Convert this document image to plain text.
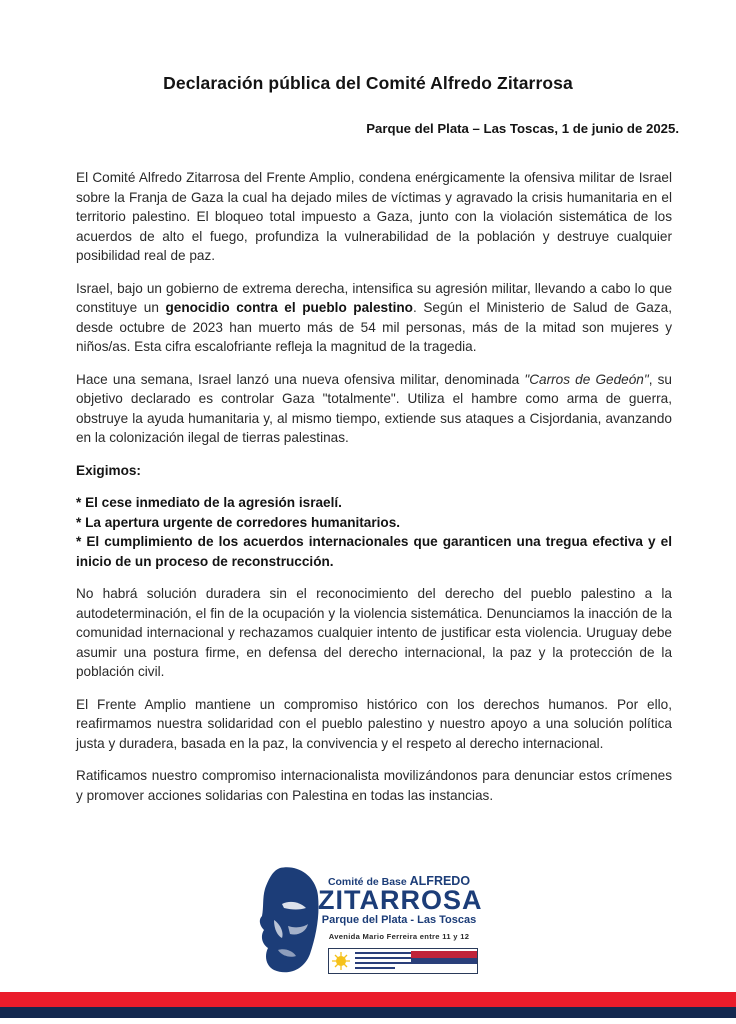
Declaración pública del Comité Alfredo Zitarrosa
Parque del Plata – Las Toscas, 1 de junio de 2025.

El Comité Alfredo Zitarrosa del Frente Amplio, condena enérgicamente la ofensiva militar de Israel sobre la Franja de Gaza la cual ha dejado miles de víctimas y agravado la crisis humanitaria en el territorio palestino. El bloqueo total impuesto a Gaza, junto con la violación sistemática de los acuerdos de alto el fuego, profundiza la vulnerabilidad de la población y destruye cualquier posibilidad real de paz.

Israel, bajo un gobierno de extrema derecha, intensifica su agresión militar, llevando a cabo lo que constituye un genocidio contra el pueblo palestino. Según el Ministerio de Salud de Gaza, desde octubre de 2023 han muerto más de 54 mil personas, más de la mitad son mujeres y niños/as. Esta cifra escalofriante refleja la magnitud de la tragedia.

Hace una semana, Israel lanzó una nueva ofensiva militar, denominada "Carros de Gedeón", su objetivo declarado es controlar Gaza "totalmente". Utiliza el hambre como arma de guerra, obstruye la ayuda humanitaria y, al mismo tiempo, extiende sus ataques a Cisjordania, avanzando en la colonización ilegal de tierras palestinas.

Exigimos:
* El cese inmediato de la agresión israelí.
* La apertura urgente de corredores humanitarios.
* El cumplimiento de los acuerdos internacionales que garanticen una tregua efectiva y el inicio de un proceso de reconstrucción.

No habrá solución duradera sin el reconocimiento del derecho del pueblo palestino a la autodeterminación, el fin de la ocupación y la violencia sistemática. Denunciamos la inacción de la comunidad internacional y rechazamos cualquier intento de justificar esta violencia. Uruguay debe asumir una postura firme, en defensa del derecho internacional, la paz y la protección de la población civil.

El Frente Amplio mantiene un compromiso histórico con los derechos humanos. Por ello, reafirmamos nuestra solidaridad con el pueblo palestino y nuestro apoyo a una solución política justa y duradera, basada en la paz, la convivencia y el respeto al derecho internacional.

Ratificamos nuestro compromiso internacionalista movilizándonos para denunciar estos crímenes y promover acciones solidarias con Palestina en todas las instancias.

Comité de Base ALFREDO
ZITARROSA
Parque del Plata - Las Toscas
Avenida Mario Ferreira entre 11 y 12
